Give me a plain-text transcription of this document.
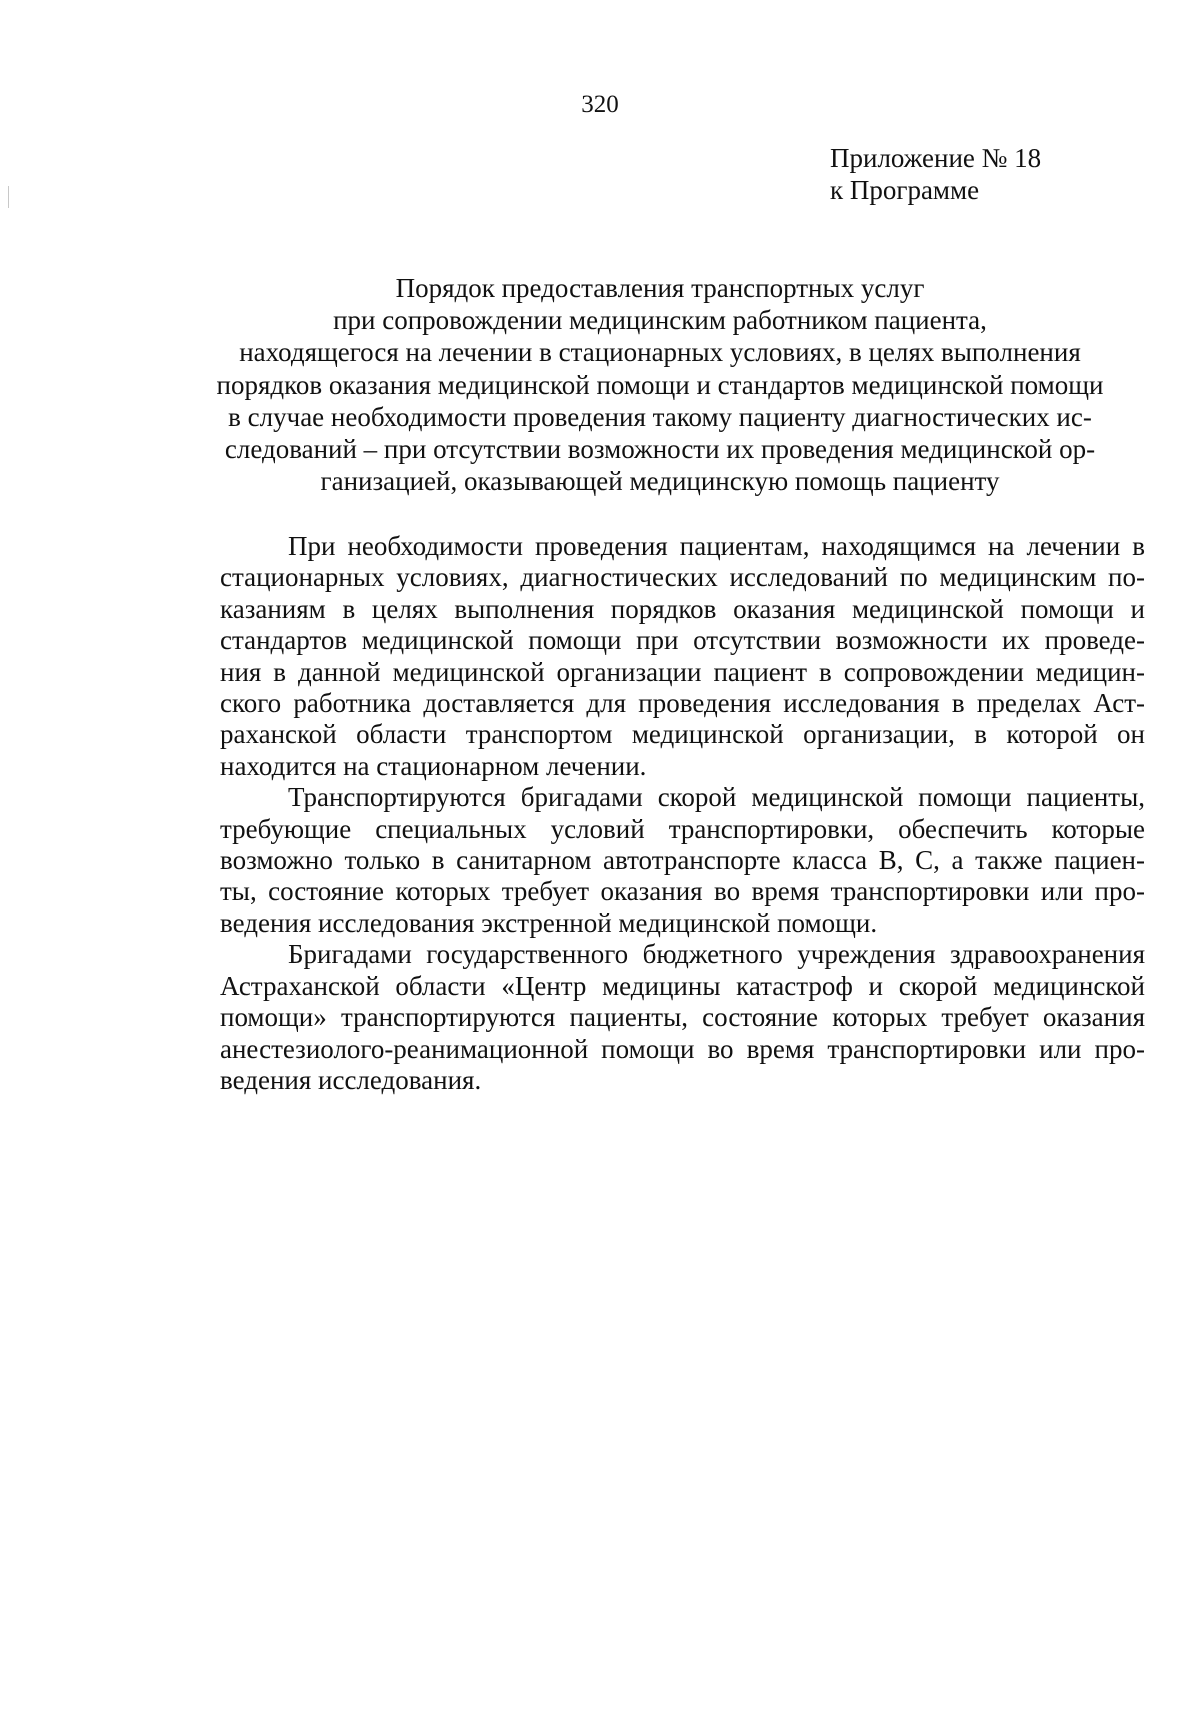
320
Приложение № 18
к Программе
Порядок предоставления транспортных услуг
при сопровождении медицинским работником пациента,
находящегося на лечении в стационарных условиях, в целях выполнения
порядков оказания медицинской помощи и стандартов медицинской помощи
в случае необходимости проведения такому пациенту диагностических ис-
следований – при отсутствии возможности их проведения медицинской ор-
ганизацией, оказывающей медицинскую помощь пациенту
При необходимости проведения пациентам, находящимся на лечении в
стационарных условиях, диагностических исследований по медицинским по-
казаниям в целях выполнения порядков оказания медицинской помощи и
стандартов медицинской помощи при отсутствии возможности их проведе-
ния в данной медицинской организации пациент в сопровождении медицин-
ского работника доставляется для проведения исследования в пределах Аст-
раханской области транспортом медицинской организации, в которой он
находится на стационарном лечении.
Транспортируются бригадами скорой медицинской помощи пациенты,
требующие специальных условий транспортировки, обеспечить которые
возможно только в санитарном автотранспорте класса В, С, а также пациен-
ты, состояние которых требует оказания во время транспортировки или про-
ведения исследования экстренной медицинской помощи.
Бригадами государственного бюджетного учреждения здравоохранения
Астраханской области «Центр медицины катастроф и скорой медицинской
помощи» транспортируются пациенты, состояние которых требует оказания
анестезиолого-реанимационной помощи во время транспортировки или про-
ведения исследования.
